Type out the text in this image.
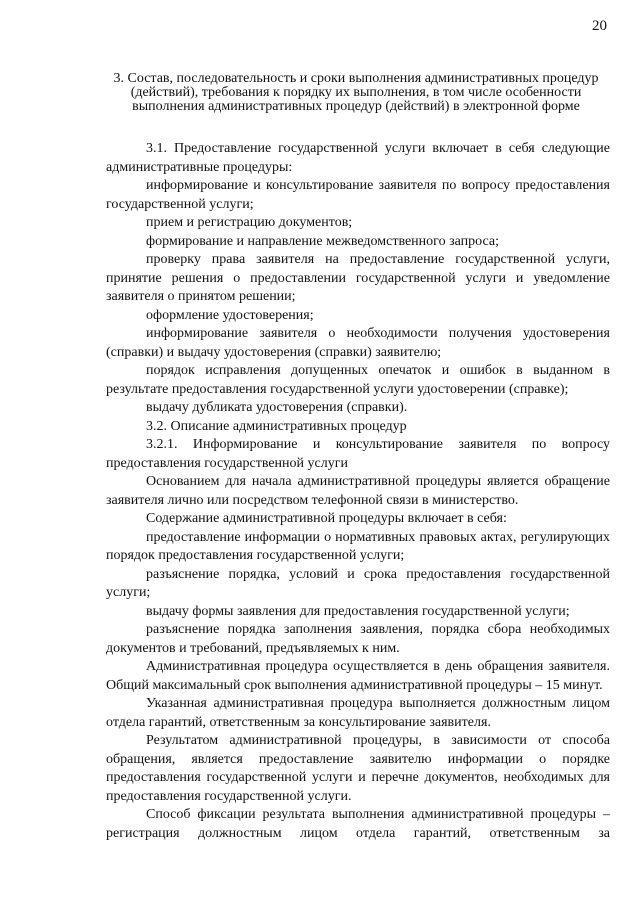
20
3. Состав, последовательность и сроки выполнения административных процедур (действий), требования к порядку их выполнения, в том числе особенности выполнения административных процедур (действий) в электронной форме

3.1. Предоставление государственной услуги включает в себя следующие административные процедуры:

информирование и консультирование заявителя по вопросу предоставления государственной услуги;

прием и регистрацию документов;

формирование и направление межведомственного запроса;

проверку права заявителя на предоставление государственной услуги, принятие решения о предоставлении государственной услуги и уведомление заявителя о принятом решении;

оформление удостоверения;

информирование заявителя о необходимости получения удостоверения (справки) и выдачу удостоверения (справки) заявителю;

порядок исправления допущенных опечаток и ошибок в выданном в результате предоставления государственной услуги удостоверении (справке);

выдачу дубликата удостоверения (справки).

3.2. Описание административных процедур

3.2.1. Информирование и консультирование заявителя по вопросу предоставления государственной услуги

Основанием для начала административной процедуры является обращение заявителя лично или посредством телефонной связи в министерство.

Содержание административной процедуры включает в себя:

предоставление информации о нормативных правовых актах, регулирующих порядок предоставления государственной услуги;

разъяснение порядка, условий и срока предоставления государственной услуги;

выдачу формы заявления для предоставления государственной услуги;

разъяснение порядка заполнения заявления, порядка сбора необходимых документов и требований, предъявляемых к ним.

Административная процедура осуществляется в день обращения заявителя. Общий максимальный срок выполнения административной процедуры – 15 минут.

Указанная административная процедура выполняется должностным лицом отдела гарантий, ответственным за консультирование заявителя.

Результатом административной процедуры, в зависимости от способа обращения, является предоставление заявителю информации о порядке предоставления государственной услуги и перечне документов, необходимых для предоставления государственной услуги.

Способ фиксации результата выполнения административной процедуры – регистрация должностным лицом отдела гарантий, ответственным за
